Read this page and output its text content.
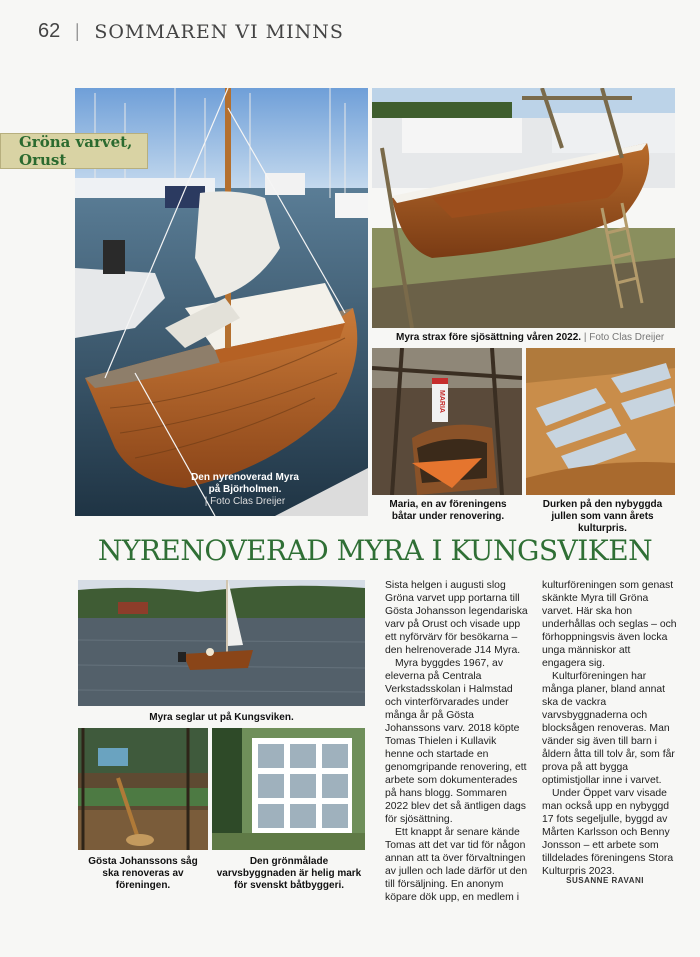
62 | SOMMAREN VI MINNS
Gröna varvet, Orust
Den nyrenoverad Myra på Björholmen.
| Foto Clas Dreijer
Myra strax före sjösättning våren 2022. | Foto Clas Dreijer
MARIA
Maria, en av föreningens båtar under renovering.
Durken på den nybyggda jullen som vann årets kulturpris.
NYRENOVERAD MYRA I KUNGSVIKEN
Myra seglar ut på Kungsviken.
Gösta Johanssons såg ska renoveras av föreningen.
Den grönmålade varvsbyggnaden är helig mark för svenskt båtbyggeri.

Sista helgen i augusti slog Gröna varvet upp portarna till Gösta Johansson legendariska varv på Orust och visade upp ett nyförvärv för besökarna – den helrenoverade J14 Myra.

Myra byggdes 1967, av eleverna på Centrala Verkstadsskolan i Halmstad och vinterförvarades under många år på Gösta Johanssons varv. 2018 köpte Tomas Thielen i Kullavik henne och startade en genomgripande renovering, ett arbete som dokumenterades på hans blogg. Sommaren 2022 blev det så äntligen dags för sjösättning.

Ett knappt år senare kände Tomas att det var tid för någon annan att ta över förvaltningen av jullen och lade därför ut den till försäljning. En anonym köpare dök upp, en medlem i

kulturföreningen som genast skänkte Myra till Gröna varvet. Här ska hon underhållas och seglas – och förhoppningsvis även locka unga människor att engagera sig.

Kulturföreningen har många planer, bland annat ska de vackra varvsbyggnaderna och blocksågen renoveras. Man vänder sig även till barn i åldern åtta till tolv år, som får prova på att bygga optimistjollar inne i varvet.

Under Öppet varv visade man också upp en nybyggd 17 fots segeljulle, byggd av Mårten Karlsson och Benny Jonsson – ett arbete som tilldelades föreningens Stora Kulturpris 2023.

SUSANNE RAVANI
